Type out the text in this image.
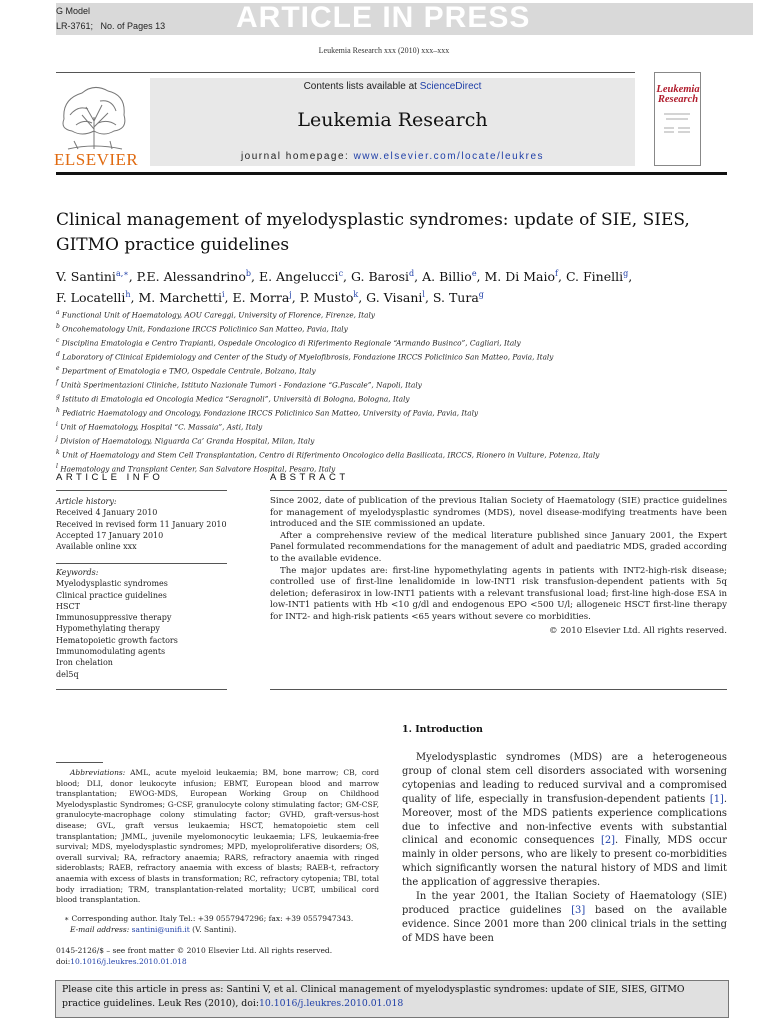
G Model
LR-3761; No. of Pages 13 ARTICLE IN PRESS
Leukemia Research xxx (2010) xxx–xxx
ELSEVIER
Contents lists available at ScienceDirect
Leukemia Research
journal homepage: www.elsevier.com/locate/leukres
Leukemia Research
Clinical management of myelodysplastic syndromes: update of SIE, SIES, GITMO practice guidelines
V. Santini$^{a,∗}$, P.E. Alessandrino$^b$, E. Angelucci$^c$, G. Barosi$^d$, A. Billio$^e$, M. Di Maio$^f$, C. Finelli$^g$,
F. Locatelli$^h$, M. Marchetti$^i$, E. Morra$^j$, P. Musto$^k$, G. Visani$^l$, S. Tura$^g$
$^a$ Functional Unit of Haematology, AOU Careggi, University of Florence, Firenze, Italy
$^b$ Oncohematology Unit, Fondazione IRCCS Policlinico San Matteo, Pavia, Italy
$^c$ Disciplina Ematologia e Centro Trapianti, Ospedale Oncologico di Riferimento Regionale “Armando Businco”, Cagliari, Italy
$^d$ Laboratory of Clinical Epidemiology and Center of the Study of Myelofibrosis, Fondazione IRCCS Policlinico San Matteo, Pavia, Italy
$^e$ Department of Ematologia e TMO, Ospedale Centrale, Bolzano, Italy
$^f$ Unità Sperimentazioni Cliniche, Istituto Nazionale Tumori - Fondazione “G.Pascale”, Napoli, Italy
$^g$ Istituto di Ematologia ed Oncologia Medica “Seragnoli”, Università di Bologna, Bologna, Italy
$^h$ Pediatric Haematology and Oncology, Fondazione IRCCS Policlinico San Matteo, University of Pavia, Pavia, Italy
$^i$ Unit of Haematology, Hospital “C. Massaia”, Asti, Italy
$^j$ Division of Haematology, Niguarda Ca’ Granda Hospital, Milan, Italy
$^k$ Unit of Haematology and Stem Cell Transplantation, Centro di Riferimento Oncologico della Basilicata, IRCCS, Rionero in Vulture, Potenza, Italy
$^l$ Haematology and Transplant Center, San Salvatore Hospital, Pesaro, Italy
ARTICLE INFO	ABSTRACT
Article history:
Received 4 January 2010
Received in revised form 11 January 2010
Accepted 17 January 2010
Available online xxx
Keywords:
Myelodysplastic syndromes
Clinical practice guidelines
HSCT
Immunosuppressive therapy
Hypomethylating therapy
Hematopoietic growth factors
Immunomodulating agents
Iron chelation
del5q

Since 2002, date of publication of the previous Italian Society of Haematology (SIE) practice guidelines for management of myelodysplastic syndromes (MDS), novel disease-modifying treatments have been introduced and the SIE commissioned an update.

After a comprehensive review of the medical literature published since January 2001, the Expert Panel formulated recommendations for the management of adult and paediatric MDS, graded according to the available evidence.

The major updates are: first-line hypomethylating agents in patients with INT2-high-risk disease; controlled use of first-line lenalidomide in low-INT1 risk transfusion-dependent patients with 5q deletion; deferasirox in low-INT1 patients with a relevant transfusional load; first-line high-dose ESA in low-INT1 patients with Hb <10 g/dl and endogenous EPO <500 U/l; allogeneic HSCT first-line therapy for INT2- and high-risk patients <65 years without severe co morbidities.

© 2010 Elsevier Ltd. All rights reserved.
1. Introduction

Myelodysplastic syndromes (MDS) are a heterogeneous group of clonal stem cell disorders associated with worsening cytopenias and leading to reduced survival and a compromised quality of life, especially in transfusion-dependent patients [1]. Moreover, most of the MDS patients experience complications due to infective and non-infective events with substantial clinical and economic consequences [2]. Finally, MDS occur mainly in older persons, who are likely to present co-morbidities which significantly worsen the natural history of MDS and limit the application of aggressive therapies.

In the year 2001, the Italian Society of Haematology (SIE) produced practice guidelines [3] based on the available evidence. Since 2001 more than 200 clinical trials in the setting of MDS have been

Abbreviations: AML, acute myeloid leukaemia; BM, bone marrow; CB, cord blood; DLI, donor leukocyte infusion; EBMT, European blood and marrow transplantation; EWOG-MDS, European Working Group on Childhood Myelodysplastic Syndromes; G-CSF, granulocyte colony stimulating factor; GM-CSF, granulocyte-macrophage colony stimulating factor; GVHD, graft-versus-host disease; GVL, graft versus leukaemia; HSCT, hematopoietic stem cell transplantation; JMML, juvenile myelomonocytic leukaemia; LFS, leukaemia-free survival; MDS, myelodysplastic syndromes; MPD, myeloproliferative disorders; OS, overall survival; RA, refractory anaemia; RARS, refractory anaemia with ringed sideroblasts; RAEB, refractory anaemia with excess of blasts; RAEB-t, refractory anaemia with excess of blasts in transformation; RC, refractory cytopenia; TBI, total body irradiation; TRM, transplantation-related mortality; UCBT, umbilical cord blood transplantation.
∗ Corresponding author. Italy Tel.: +39 0557947296; fax: +39 0557947343.
E-mail address: santini@unifi.it (V. Santini).
0145-2126/$ – see front matter © 2010 Elsevier Ltd. All rights reserved.
doi:10.1016/j.leukres.2010.01.018
Please cite this article in press as: Santini V, et al. Clinical management of myelodysplastic syndromes: update of SIE, SIES, GITMO practice guidelines. Leuk Res (2010), doi:10.1016/j.leukres.2010.01.018
